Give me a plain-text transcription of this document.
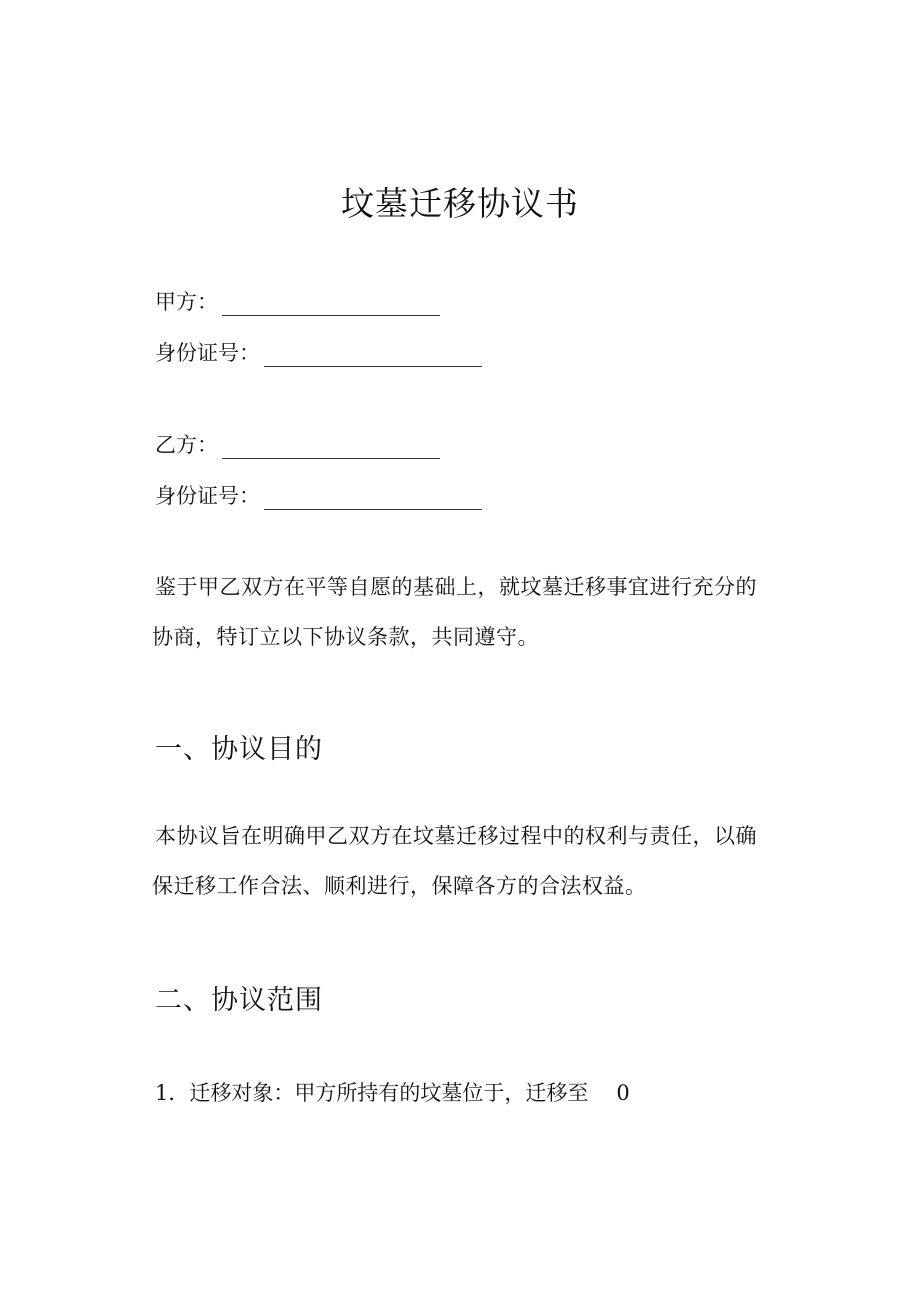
坟墓迁移协议书
甲方：
身份证号：
乙方：
身份证号：
鉴于甲乙双方在平等自愿的基础上，就坟墓迁移事宜进行充分的
协商，特订立以下协议条款，共同遵守。
一、协议目的
本协议旨在明确甲乙双方在坟墓迁移过程中的权利与责任，以确
保迁移工作合法、顺利进行，保障各方的合法权益。
二、协议范围
1．迁移对象：甲方所持有的坟墓位于，迁移至 0
